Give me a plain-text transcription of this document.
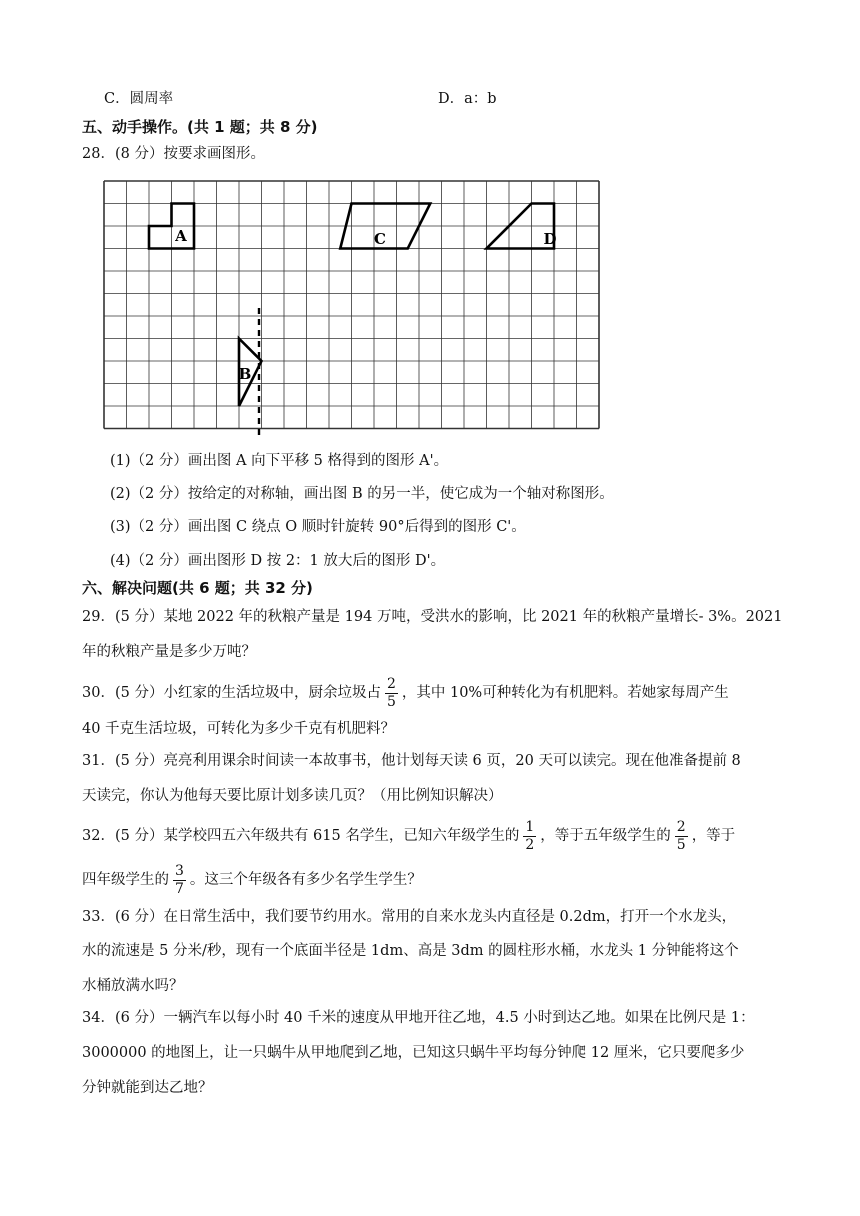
C．圆周率	D．a：b
五、动手操作。(共 1 题；共 8 分)
28．(8 分）按要求画图形。
A	C	D
B
(1)（2 分）画出图 A 向下平移 5 格得到的图形 A'。
(2)（2 分）按给定的对称轴，画出图 B 的另一半，使它成为一个轴对称图形。
(3)（2 分）画出图 C 绕点 O 顺时针旋转 90°后得到的图形 C'。
(4)（2 分）画出图形 D 按 2：1 放大后的图形 D'。
六、解决问题(共 6 题；共 32 分)
29．(5 分）某地 2022 年的秋粮产量是 194 万吨，受洪水的影响，比 2021 年的秋粮产量增长- 3%。2021
年的秋粮产量是多少万吨？
30．(5 分）小红家的生活垃圾中，厨余垃圾占 $\frac{2}{5}$ ，其中 10%可种转化为有机肥料。若她家每周产生
40 千克生活垃圾，可转化为多少千克有机肥料？
31．(5 分）亮亮利用课余时间读一本故事书，他计划每天读 6 页，20 天可以读完。现在他准备提前 8
天读完，你认为他每天要比原计划多读几页？（用比例知识解决）
32．(5 分）某学校四五六年级共有 615 名学生，已知六年级学生的 $\frac{1}{2}$ ，等于五年级学生的 $\frac{2}{5}$ ，等于
四年级学生的 $\frac{3}{7}$ 。这三个年级各有多少名学生学生？
33．(6 分）在日常生活中，我们要节约用水。常用的自来水龙头内直径是 0.2dm，打开一个水龙头，
水的流速是 5 分米/秒，现有一个底面半径是 1dm、高是 3dm 的圆柱形水桶，水龙头 1 分钟能将这个
水桶放满水吗？
34．(6 分）一辆汽车以每小时 40 千米的速度从甲地开往乙地，4.5 小时到达乙地。如果在比例尺是 1：
3000000 的地图上，让一只蜗牛从甲地爬到乙地，已知这只蜗牛平均每分钟爬 12 厘米，它只要爬多少
分钟就能到达乙地？
